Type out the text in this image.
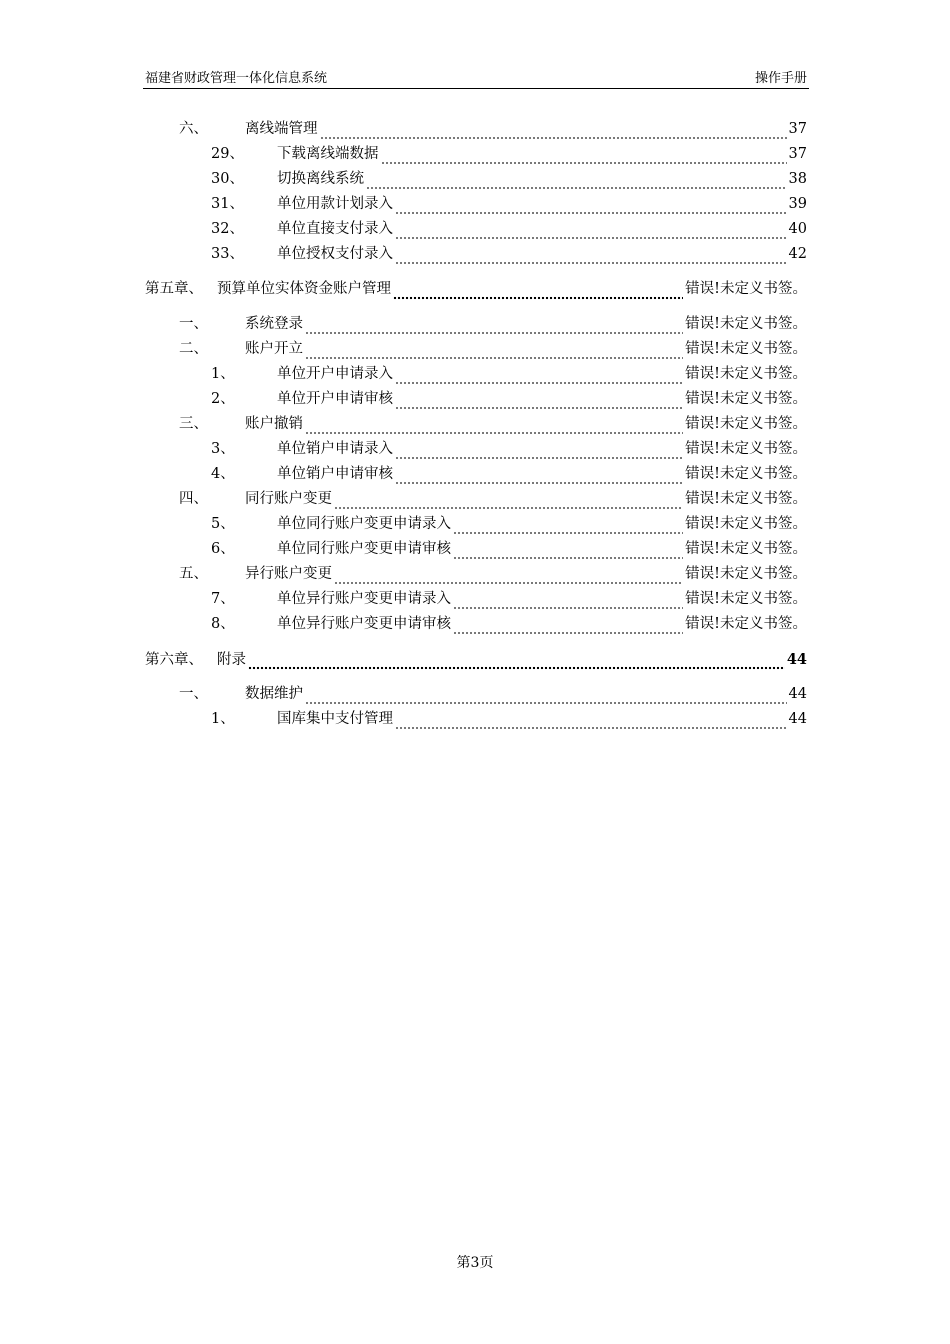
福建省财政管理一体化信息系统	操作手册
六、	离线端管理	37
29、	下载离线端数据	37
30、	切换离线系统	38
31、	单位用款计划录入	39
32、	单位直接支付录入	40
33、	单位授权支付录入	42
第五章、 预算单位实体资金账户管理	错误!未定义书签。
一、	系统登录	错误!未定义书签。
二、	账户开立	错误!未定义书签。
1、	单位开户申请录入	错误!未定义书签。
2、	单位开户申请审核	错误!未定义书签。
三、	账户撤销	错误!未定义书签。
3、	单位销户申请录入	错误!未定义书签。
4、	单位销户申请审核	错误!未定义书签。
四、	同行账户变更	错误!未定义书签。
5、	单位同行账户变更申请录入	错误!未定义书签。
6、	单位同行账户变更申请审核	错误!未定义书签。
五、	异行账户变更	错误!未定义书签。
7、	单位异行账户变更申请录入	错误!未定义书签。
8、	单位异行账户变更申请审核	错误!未定义书签。
第六章、 附录	44
一、	数据维护	44
1、	国库集中支付管理	44
第3页
